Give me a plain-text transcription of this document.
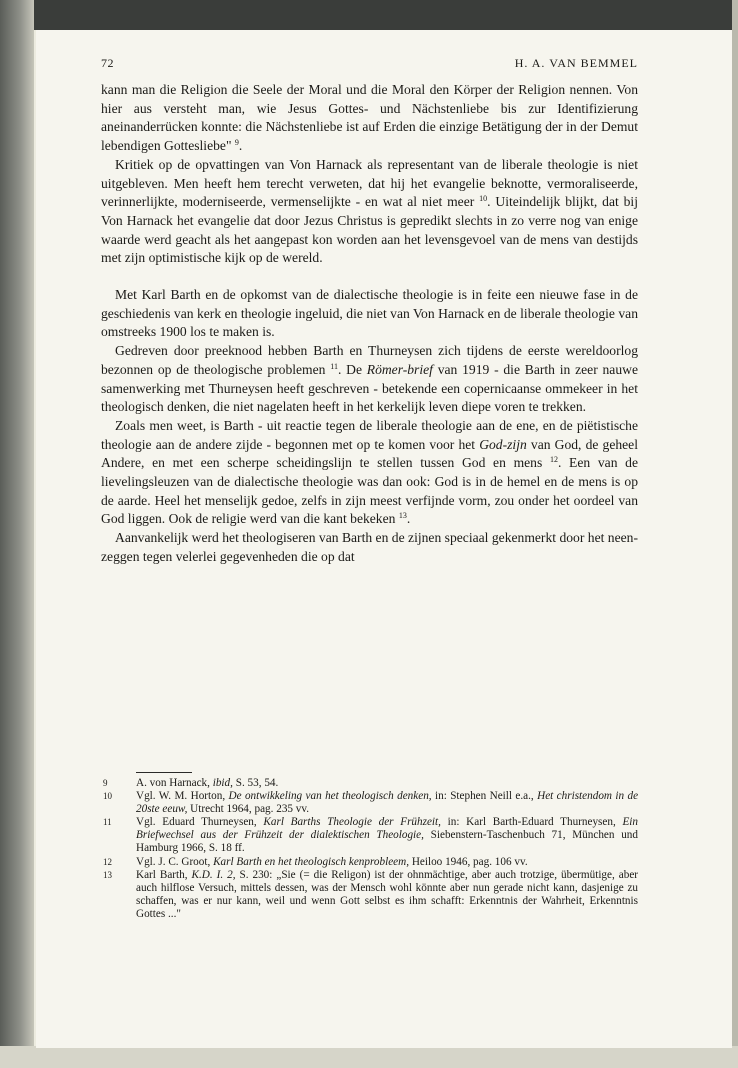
72	H. A. VAN BEMMEL

kann man die Religion die Seele der Moral und die Moral den Körper der Religion nennen. Von hier aus versteht man, wie Jesus Gottes- und Nächstenliebe bis zur Identifizierung aneinanderrücken konnte: die Nächstenliebe ist auf Erden die einzige Betätigung der in der Demut lebendigen Gottesliebe" $^9$.

Kritiek op de opvattingen van Von Harnack als representant van de liberale theologie is niet uitgebleven. Men heeft hem terecht verweten, dat hij het evangelie beknotte, vermoraliseerde, verinnerlijkte, moderniseerde, vermenselijkte - en wat al niet meer $^{10}$. Uiteindelijk blijkt, dat bij Von Harnack het evangelie dat door Jezus Christus is gepredikt slechts in zo verre nog van enige waarde werd geacht als het aangepast kon worden aan het levensgevoel van de mens van destijds met zijn optimistische kijk op de wereld.

Met Karl Barth en de opkomst van de dialectische theologie is in feite een nieuwe fase in de geschiedenis van kerk en theologie ingeluid, die niet van Von Harnack en de liberale theologie van omstreeks 1900 los te maken is.

Gedreven door preeknood hebben Barth en Thurneysen zich tijdens de eerste wereldoorlog bezonnen op de theologische problemen $^{11}$. De Römer-brief van 1919 - die Barth in zeer nauwe samenwerking met Thurneysen heeft geschreven - betekende een copernicaanse ommekeer in het theologisch denken, die niet nagelaten heeft in het kerkelijk leven diepe voren te trekken.

Zoals men weet, is Barth - uit reactie tegen de liberale theologie aan de ene, en de piëtistische theologie aan de andere zijde - begonnen met op te komen voor het God-zijn van God, de geheel Andere, en met een scherpe scheidingslijn te stellen tussen God en mens $^{12}$. Een van de lievelingsleuzen van de dialectische theologie was dan ook: God is in de hemel en de mens is op de aarde. Heel het menselijk gedoe, zelfs in zijn meest verfijnde vorm, zou onder het oordeel van God liggen. Ook de religie werd van die kant bekeken $^{13}$.

Aanvankelijk werd het theologiseren van Barth en de zijnen speciaal gekenmerkt door het neen-zeggen tegen velerlei gegevenheden die op dat

9	A. von Harnack, ibid, S. 53, 54.
10	Vgl. W. M. Horton, De ontwikkeling van het theologisch denken, in: Stephen Neill e.a., Het christendom in de 20ste eeuw, Utrecht 1964, pag. 235 vv.
11	Vgl. Eduard Thurneysen, Karl Barths Theologie der Frühzeit, in: Karl Barth-Eduard Thurneysen, Ein Briefwechsel aus der Frühzeit der dialektischen Theologie, Siebenstern-Taschenbuch 71, München und Hamburg 1966, S. 18 ff.
12	Vgl. J. C. Groot, Karl Barth en het theologisch kenprobleem, Heiloo 1946, pag. 106 vv.
13	Karl Barth, K.D. I. 2, S. 230: „Sie (= die Religon) ist der ohnmächtige, aber auch trotzige, übermütige, aber auch hilflose Versuch, mittels dessen, was der Mensch wohl könnte aber nun gerade nicht kann, dasjenige zu schaffen, was er nur kann, weil und wenn Gott selbst es ihm schafft: Erkenntnis der Wahrheit, Erkenntnis Gottes ..."
